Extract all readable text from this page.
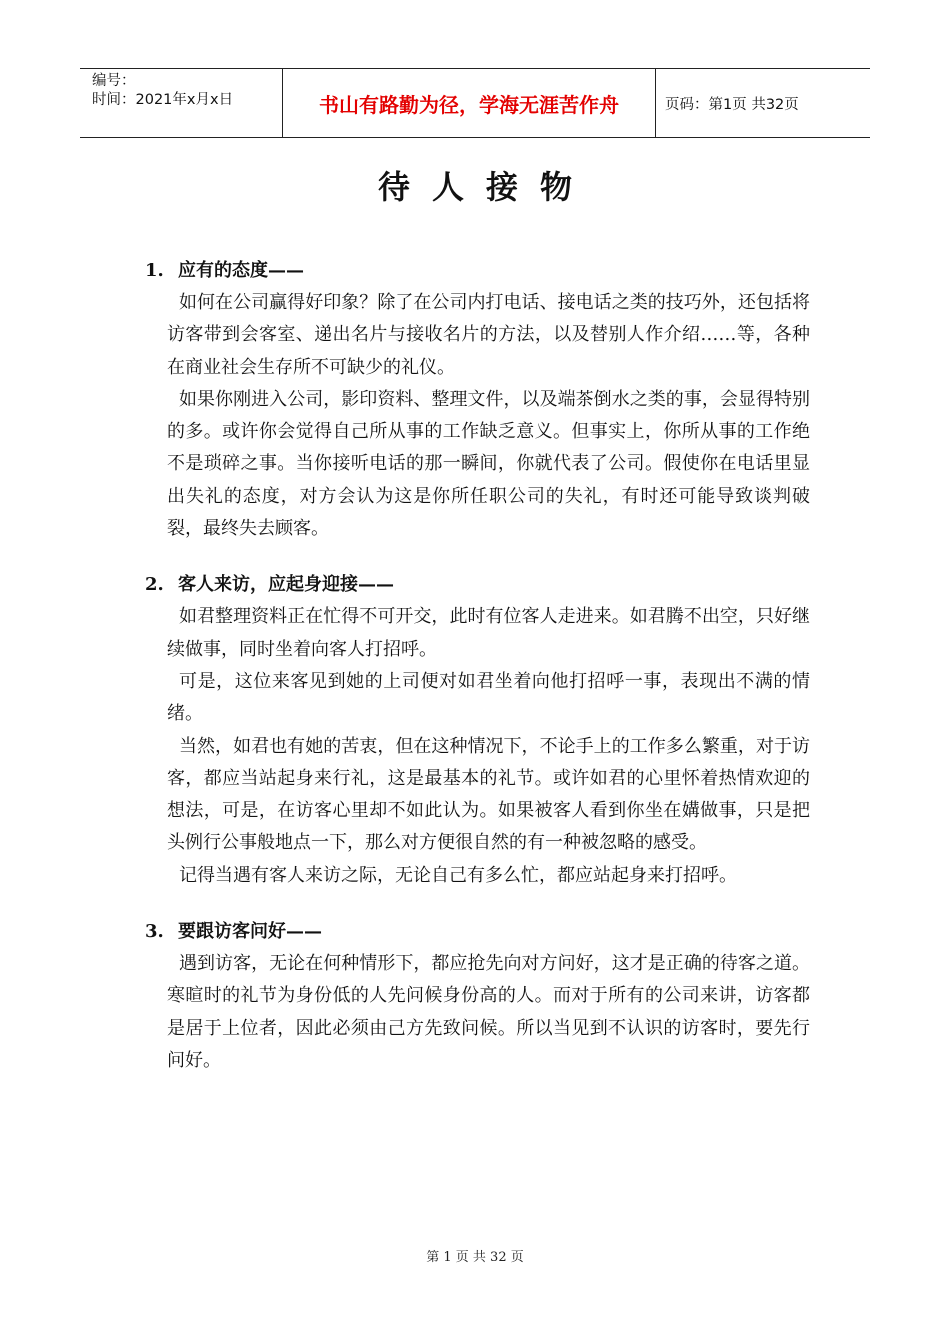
编号：
时间：2021年x月x日	书山有路勤为径，学海无涯苦作舟	页码：第1页 共32页
待人接物
1. 应有的态度——

如何在公司赢得好印象？除了在公司内打电话、接电话之类的技巧外，还包括将访客带到会客室、递出名片与接收名片的方法，以及替别人作介绍……等，各种在商业社会生存所不可缺少的礼仪。

如果你刚进入公司，影印资料、整理文件，以及端茶倒水之类的事，会显得特别的多。或许你会觉得自己所从事的工作缺乏意义。但事实上，你所从事的工作绝不是琐碎之事。当你接听电话的那一瞬间，你就代表了公司。假使你在电话里显出失礼的态度，对方会认为这是你所任职公司的失礼，有时还可能导致谈判破裂，最终失去顾客。

2. 客人来访，应起身迎接——

如君整理资料正在忙得不可开交，此时有位客人走进来。如君腾不出空，只好继续做事，同时坐着向客人打招呼。

可是，这位来客见到她的上司便对如君坐着向他打招呼一事，表现出不满的情绪。

当然，如君也有她的苦衷，但在这种情况下，不论手上的工作多么繁重，对于访客，都应当站起身来行礼，这是最基本的礼节。或许如君的心里怀着热情欢迎的想法，可是，在访客心里却不如此认为。如果被客人看到你坐在媾做事，只是把头例行公事般地点一下，那么对方便很自然的有一种被忽略的感受。

记得当遇有客人来访之际，无论自己有多么忙，都应站起身来打招呼。

3. 要跟访客问好——

遇到访客，无论在何种情形下，都应抢先向对方问好，这才是正确的待客之道。寒暄时的礼节为身份低的人先问候身份高的人。而对于所有的公司来讲，访客都是居于上位者，因此必须由己方先致问候。所以当见到不认识的访客时，要先行问好。

第 1 页 共 32 页
